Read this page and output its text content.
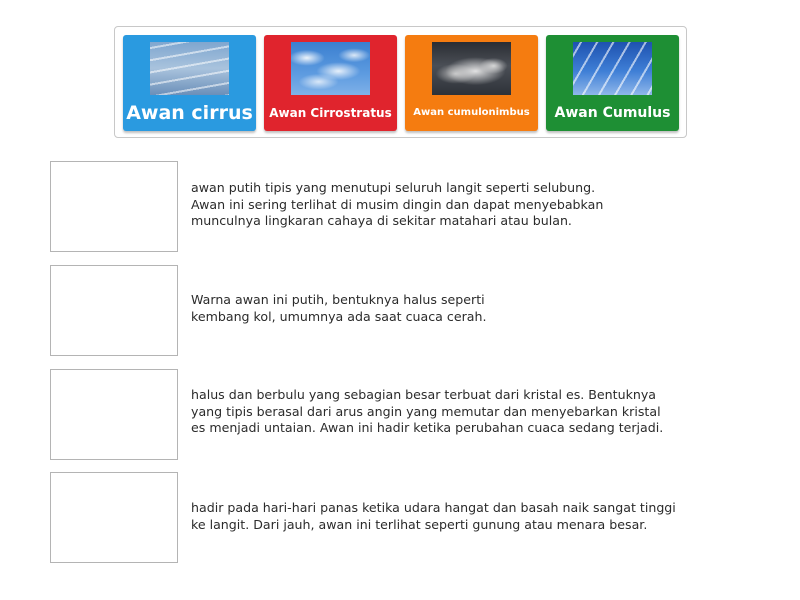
Awan cirrus Awan Cirrostratus Awan cumulonimbus Awan Cumulus
awan putih tipis yang menutupi seluruh langit seperti selubung.
Awan ini sering terlihat di musim dingin dan dapat menyebabkan
munculnya lingkaran cahaya di sekitar matahari atau bulan.
Warna awan ini putih, bentuknya halus seperti
kembang kol, umumnya ada saat cuaca cerah.
halus dan berbulu yang sebagian besar terbuat dari kristal es. Bentuknya
yang tipis berasal dari arus angin yang memutar dan menyebarkan kristal
es menjadi untaian. Awan ini hadir ketika perubahan cuaca sedang terjadi.
hadir pada hari-hari panas ketika udara hangat dan basah naik sangat tinggi
ke langit. Dari jauh, awan ini terlihat seperti gunung atau menara besar.
